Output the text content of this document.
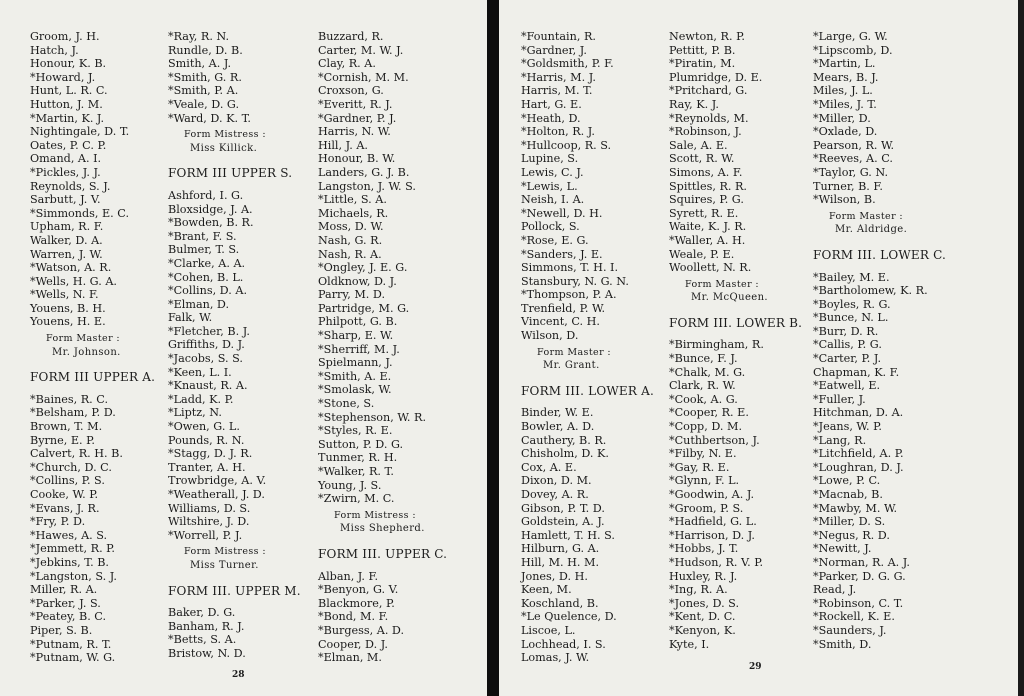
Groom, J. H.
Hatch, J.
Honour, K. B.
*Howard, J.
Hunt, L. R. C.
Hutton, J. M.
*Martin, K. J.
Nightingale, D. T.
Oates, P. C. P.
Omand, A. I.
*Pickles, J. J.
Reynolds, S. J.
Sarbutt, J. V.
*Simmonds, E. C.
Upham, R. F.
Walker, D. A.
Warren, J. W.
*Watson, A. R.
*Wells, H. G. A.
*Wells, N. F.
Youens, B. H.
Youens, H. E.
Form Master :
Mr. Johnson.
FORM III UPPER A.
*Baines, R. C.
*Belsham, P. D.
Brown, T. M.
Byrne, E. P.
Calvert, R. H. B.
*Church, D. C.
*Collins, P. S.
Cooke, W. P.
*Evans, J. R.
*Fry, P. D.
*Hawes, A. S.
*Jemmett, R. P.
*Jebkins, T. B.
*Langston, S. J.
Miller, R. A.
*Parker, J. S.
*Peatey, B. C.
Piper, S. B.
*Putnam, R. T.
*Putnam, W. G.
*Ray, R. N.
Rundle, D. B.
Smith, A. J.
*Smith, G. R.
*Smith, P. A.
*Veale, D. G.
*Ward, D. K. T.
Form Mistress :
Miss Killick.
FORM III UPPER S.
Ashford, I. G.
Bloxsidge, J. A.
*Bowden, B. R.
*Brant, F. S.
Bulmer, T. S.
*Clarke, A. A.
*Cohen, B. L.
*Collins, D. A.
*Elman, D.
Falk, W.
*Fletcher, B. J.
Griffiths, D. J.
*Jacobs, S. S.
*Keen, L. I.
*Knaust, R. A.
*Ladd, K. P.
*Liptz, N.
*Owen, G. L.
Pounds, R. N.
*Stagg, D. J. R.
Tranter, A. H.
Trowbridge, A. V.
*Weatherall, J. D.
Williams, D. S.
Wiltshire, J. D.
*Worrell, P. J.
Form Mistress :
Miss Turner.
FORM III. UPPER M.
Baker, D. G.
Banham, R. J.
*Betts, S. A.
Bristow, N. D.
Buzzard, R.
Carter, M. W. J.
Clay, R. A.
*Cornish, M. M.
Croxson, G.
*Everitt, R. J.
*Gardner, P. J.
Harris, N. W.
Hill, J. A.
Honour, B. W.
Landers, G. J. B.
Langston, J. W. S.
*Little, S. A.
Michaels, R.
Moss, D. W.
Nash, G. R.
Nash, R. A.
*Ongley, J. E. G.
Oldknow, D. J.
Parry, M. D.
Partridge, M. G.
Philpott, G. B.
*Sharp, E. W.
*Sherriff, M. J.
Spielmann, J.
*Smith, A. E.
*Smolask, W.
*Stone, S.
*Stephenson, W. R.
*Styles, R. E.
Sutton, P. D. G.
Tunmer, R. H.
*Walker, R. T.
Young, J. S.
*Zwirn, M. C.
Form Mistress :
Miss Shepherd.
FORM III. UPPER C.
Alban, J. F.
*Benyon, G. V.
Blackmore, P.
*Bond, M. F.
*Burgess, A. D.
Cooper, D. J.
*Elman, M.
28
*Fountain, R.
*Gardner, J.
*Goldsmith, P. F.
*Harris, M. J.
Harris, M. T.
Hart, G. E.
*Heath, D.
*Holton, R. J.
*Hullcoop, R. S.
Lupine, S.
Lewis, C. J.
*Lewis, L.
Neish, I. A.
*Newell, D. H.
Pollock, S.
*Rose, E. G.
*Sanders, J. E.
Simmons, T. H. I.
Stansbury, N. G. N.
*Thompson, P. A.
Trenfield, P. W.
Vincent, C. H.
Wilson, D.
Form Master :
Mr. Grant.
FORM III. LOWER A.
Binder, W. E.
Bowler, A. D.
Cauthery, B. R.
Chisholm, D. K.
Cox, A. E.
Dixon, D. M.
Dovey, A. R.
Gibson, P. T. D.
Goldstein, A. J.
Hamlett, T. H. S.
Hilburn, G. A.
Hill, M. H. M.
Jones, D. H.
Keen, M.
Koschland, B.
*Le Quelence, D.
Liscoe, L.
Lochhead, I. S.
Lomas, J. W.
Newton, R. P.
Pettitt, P. B.
*Piratin, M.
Plumridge, D. E.
*Pritchard, G.
Ray, K. J.
*Reynolds, M.
*Robinson, J.
Sale, A. E.
Scott, R. W.
Simons, A. F.
Spittles, R. R.
Squires, P. G.
Syrett, R. E.
Waite, K. J. R.
*Waller, A. H.
Weale, P. E.
Woollett, N. R.
Form Master :
Mr. McQueen.
FORM III. LOWER B.
*Birmingham, R.
*Bunce, F. J.
*Chalk, M. G.
Clark, R. W.
*Cook, A. G.
*Cooper, R. E.
*Copp, D. M.
*Cuthbertson, J.
*Filby, N. E.
*Gay, R. E.
*Glynn, F. L.
*Goodwin, A. J.
*Groom, P. S.
*Hadfield, G. L.
*Harrison, D. J.
*Hobbs, J. T.
*Hudson, R. V. P.
Huxley, R. J.
*Ing, R. A.
*Jones, D. S.
*Kent, D. C.
*Kenyon, K.
Kyte, I.
*Large, G. W.
*Lipscomb, D.
*Martin, L.
Mears, B. J.
Miles, J. L.
*Miles, J. T.
*Miller, D.
*Oxlade, D.
Pearson, R. W.
*Reeves, A. C.
*Taylor, G. N.
Turner, B. F.
*Wilson, B.
Form Master :
Mr. Aldridge.
FORM III. LOWER C.
*Bailey, M. E.
*Bartholomew, K. R.
*Boyles, R. G.
*Bunce, N. L.
*Burr, D. R.
*Callis, P. G.
*Carter, P. J.
Chapman, K. F.
*Eatwell, E.
*Fuller, J.
Hitchman, D. A.
*Jeans, W. P.
*Lang, R.
*Litchfield, A. P.
*Loughran, D. J.
*Lowe, P. C.
*Macnab, B.
*Mawby, M. W.
*Miller, D. S.
*Negus, R. D.
*Newitt, J.
*Norman, R. A. J.
*Parker, D. G. G.
Read, J.
*Robinson, C. T.
*Rockell, K. E.
*Saunders, J.
*Smith, D.
29
